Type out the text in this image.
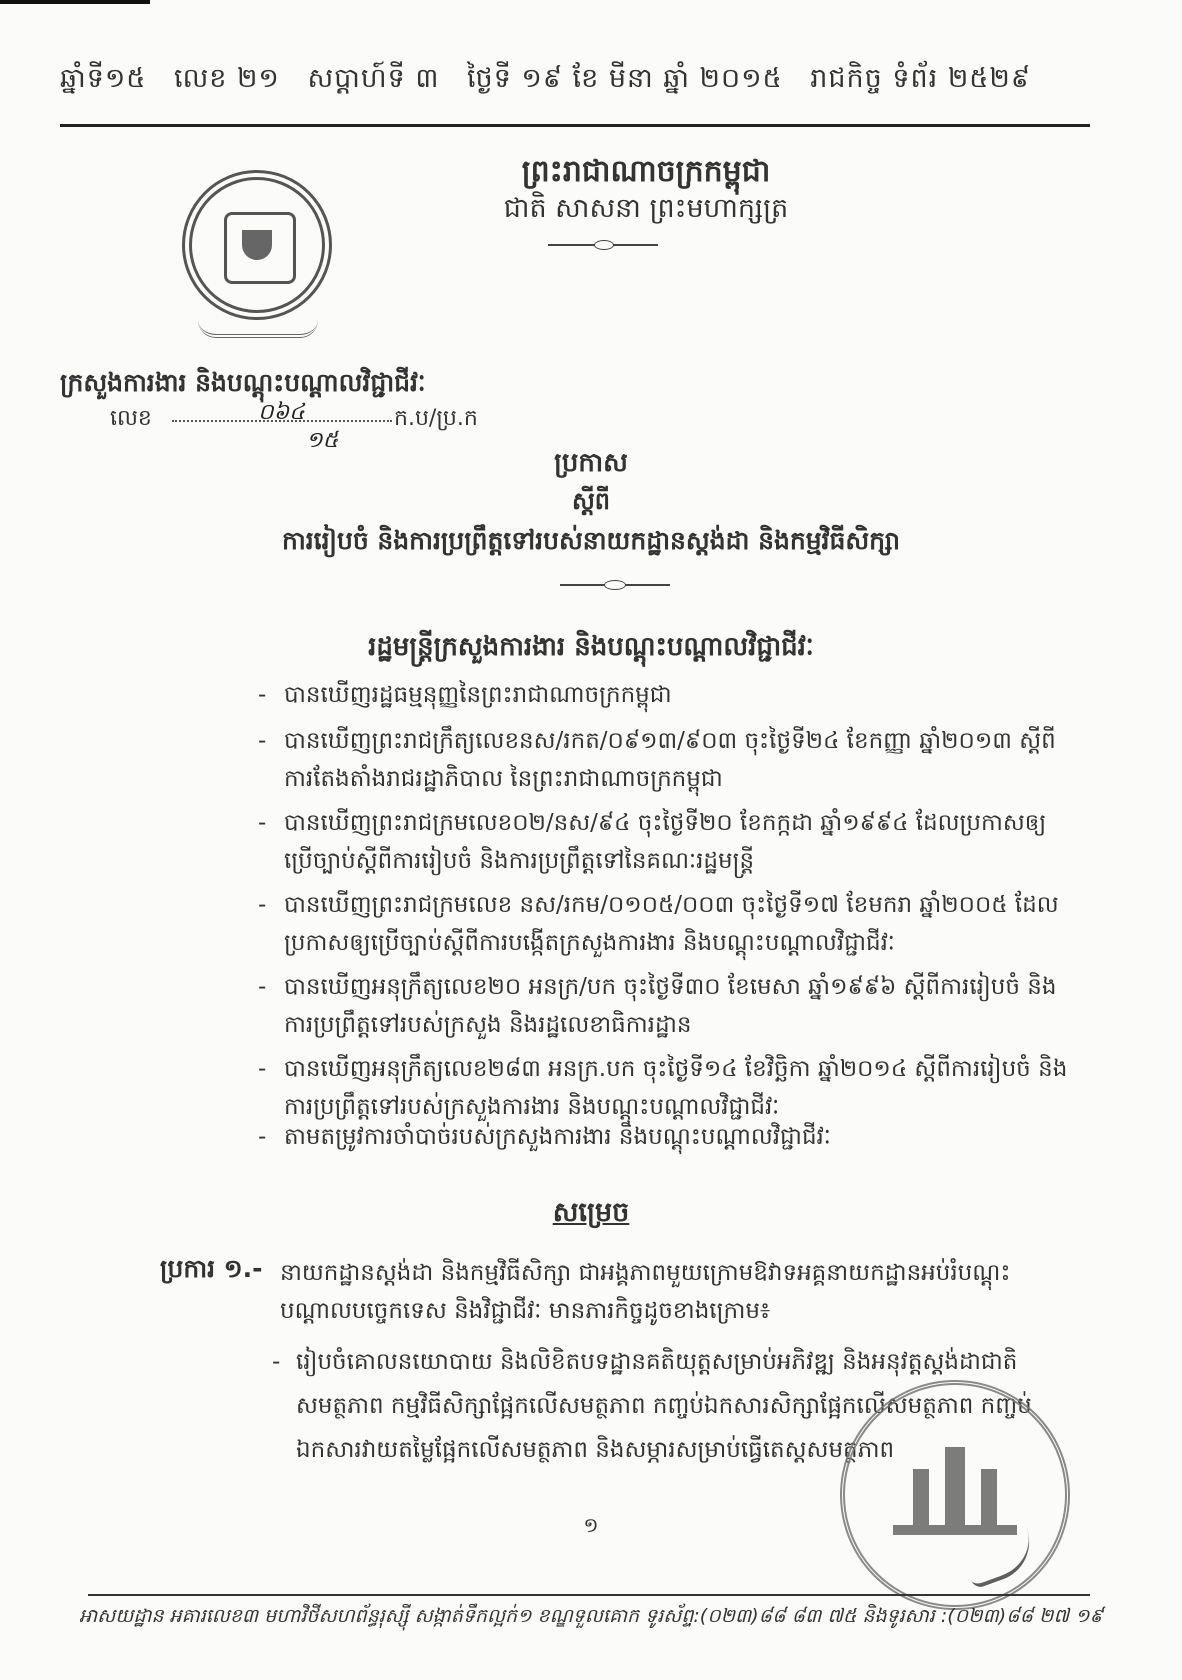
ឆ្នាំទី១៥ លេខ ២១ សប្ដាហ៍ទី ៣ ថ្ងៃទី ១៩ ខែ មីនា ឆ្នាំ ២០១៥ រាជកិច្ច ទំព័រ ២៥២៩
ព្រះរាជាណាចក្រកម្ពុជា
ជាតិ សាសនា ព្រះមហាក្សត្រ
ក្រសួងការងារ និងបណ្តុះបណ្តាលវិជ្ជាជីវៈ
លេខ	០៦៤	ក.ប/ប្រ.ក
១៥
ប្រកាស
ស្តីពី
ការរៀបចំ និងការប្រព្រឹត្តទៅរបស់នាយកដ្ឋានស្តង់ដា និងកម្មវិធីសិក្សា
រដ្ឋមន្ត្រីក្រសួងការងារ និងបណ្តុះបណ្តាលវិជ្ជាជីវៈ
- បានឃើញរដ្ឋធម្មនុញ្ញនៃព្រះរាជាណាចក្រកម្ពុជា
- បានឃើញព្រះរាជក្រឹត្យលេខនស/រកត/០៩១៣/៩០៣ ចុះថ្ងៃទី២៤ ខែកញ្ញា ឆ្នាំ២០១៣ ស្តីពីការតែងតាំងរាជរដ្ឋាភិបាល នៃព្រះរាជាណាចក្រកម្ពុជា
- បានឃើញព្រះរាជក្រមលេខ០២/នស/៩៤ ចុះថ្ងៃទី២០ ខែកក្កដា ឆ្នាំ១៩៩៤ ដែលប្រកាសឲ្យប្រើច្បាប់ស្តីពីការរៀបចំ និងការប្រព្រឹត្តទៅនៃគណៈរដ្ឋមន្ត្រី
- បានឃើញព្រះរាជក្រមលេខ នស/រកម/០១០៥/០០៣ ចុះថ្ងៃទី១៧ ខែមករា ឆ្នាំ២០០៥ ដែលប្រកាសឲ្យប្រើច្បាប់ស្តីពីការបង្កើតក្រសួងការងារ និងបណ្តុះបណ្តាលវិជ្ជាជីវៈ
- បានឃើញអនុក្រឹត្យលេខ២០ អនក្រ/បក ចុះថ្ងៃទី៣០ ខែមេសា ឆ្នាំ១៩៩៦ ស្តីពីការរៀបចំ និងការប្រព្រឹត្តទៅរបស់ក្រសួង និងរដ្ឋលេខាធិការដ្ឋាន
- បានឃើញអនុក្រឹត្យលេខ២៨៣ អនក្រ.បក ចុះថ្ងៃទី១៤ ខែវិច្ឆិកា ឆ្នាំ២០១៤ ស្តីពីការរៀបចំ និងការប្រព្រឹត្តទៅរបស់ក្រសួងការងារ និងបណ្តុះបណ្តាលវិជ្ជាជីវៈ
- តាមតម្រូវការចាំបាច់របស់ក្រសួងការងារ និងបណ្តុះបណ្តាលវិជ្ជាជីវៈ
សម្រេច
ប្រការ ១.- នាយកដ្ឋានស្តង់ដា និងកម្មវិធីសិក្សា ជាអង្គភាពមួយក្រោមឱវាទអគ្គនាយកដ្ឋានអប់រំបណ្តុះបណ្តាលបច្ចេកទេស និងវិជ្ជាជីវៈ មានភារកិច្ចដូចខាងក្រោម៖
- រៀបចំគោលនយោបាយ និងលិខិតបទដ្ឋានគតិយុត្តសម្រាប់អភិវឌ្ឍ និងអនុវត្តស្តង់ដាជាតិសមត្ថភាព កម្មវិធីសិក្សាផ្អែកលើសមត្ថភាព កញ្ចប់ឯកសារសិក្សាផ្អែកលើសមត្ថភាព កញ្ចប់ឯកសារវាយតម្លៃផ្អែកលើសមត្ថភាព និងសម្ភារសម្រាប់ធ្វើតេស្តសមត្ថភាព
១
អាសយដ្ឋាន អគារលេខ៣ មហាវិថីសហព័ន្ធរុស្ស៊ី សង្កាត់ទឹកល្អក់១ ខណ្ឌទួលគោក ទូរស័ព្ទ:(០២៣)៨៨ ៨៣ ៧៥ និងទូរសារ :(០២៣)៨៨ ២៧ ១៩
